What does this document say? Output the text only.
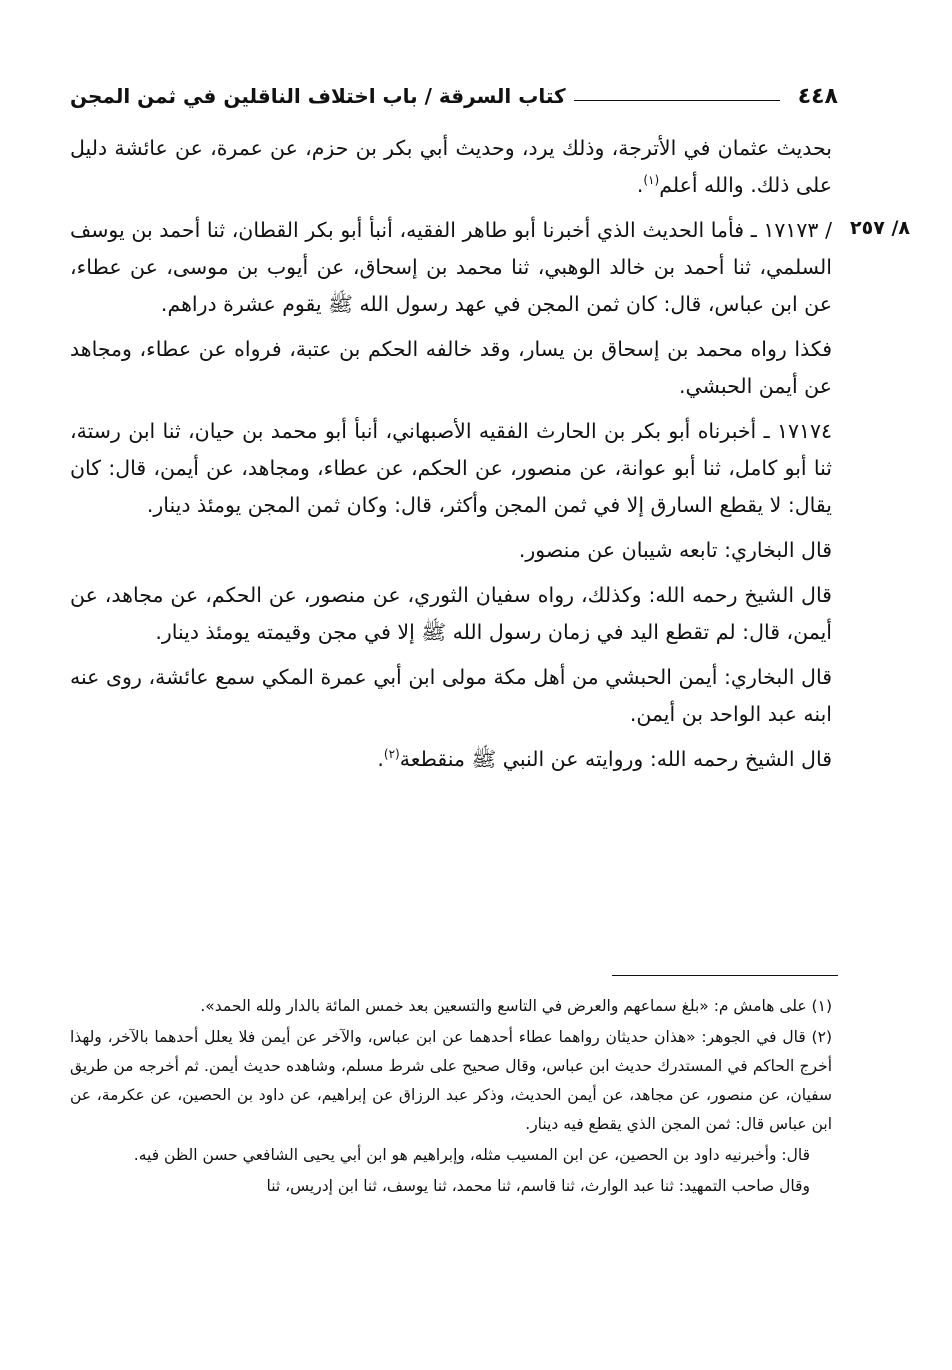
٤٤٨
كتاب السرقة / باب اختلاف الناقلين في ثمن المجن
٨/ ٢٥٧

بحديث عثمان في الأترجة، وذلك يرد، وحديث أبي بكر بن حزم، عن عمرة، عن عائشة دليل على ذلك. والله أعلم$^{(١)}$.

/ ١٧١٧٣ ـ فأما الحديث الذي أخبرنا أبو طاهر الفقيه، أنبأ أبو بكر القطان، ثنا أحمد بن يوسف السلمي، ثنا أحمد بن خالد الوهبي، ثنا محمد بن إسحاق، عن أيوب بن موسى، عن عطاء، عن ابن عباس، قال: كان ثمن المجن في عهد رسول الله ﷺ يقوم عشرة دراهم.

فكذا رواه محمد بن إسحاق بن يسار، وقد خالفه الحكم بن عتبة، فرواه عن عطاء، ومجاهد عن أيمن الحبشي.

١٧١٧٤ ـ أخبرناه أبو بكر بن الحارث الفقيه الأصبهاني، أنبأ أبو محمد بن حيان، ثنا ابن رستة، ثنا أبو كامل، ثنا أبو عوانة، عن منصور، عن الحكم، عن عطاء، ومجاهد، عن أيمن، قال: كان يقال: لا يقطع السارق إلا في ثمن المجن وأكثر، قال: وكان ثمن المجن يومئذ دينار.

قال البخاري: تابعه شيبان عن منصور.

قال الشيخ رحمه الله: وكذلك، رواه سفيان الثوري، عن منصور، عن الحكم، عن مجاهد، عن أيمن، قال: لم تقطع اليد في زمان رسول الله ﷺ إلا في مجن وقيمته يومئذ دينار.

قال البخاري: أيمن الحبشي من أهل مكة مولى ابن أبي عمرة المكي سمع عائشة، روى عنه ابنه عبد الواحد بن أيمن.

قال الشيخ رحمه الله: وروايته عن النبي ﷺ منقطعة$^{(٢)}$.

(١) على هامش م: «بلغ سماعهم والعرض في التاسع والتسعين بعد خمس المائة بالدار ولله الحمد».

(٢) قال في الجوهر: «هذان حديثان رواهما عطاء أحدهما عن ابن عباس، والآخر عن أيمن فلا يعلل أحدهما بالآخر، ولهذا أخرج الحاكم في المستدرك حديث ابن عباس، وقال صحيح على شرط مسلم، وشاهده حديث أيمن. ثم أخرجه من طريق سفيان، عن منصور، عن مجاهد، عن أيمن الحديث، وذكر عبد الرزاق عن إبراهيم، عن داود بن الحصين، عن عكرمة، عن ابن عباس قال: ثمن المجن الذي يقطع فيه دينار.

قال: وأخبرنيه داود بن الحصين، عن ابن المسيب مثله، وإبراهيم هو ابن أبي يحيى الشافعي حسن الظن فيه.

وقال صاحب التمهيد: ثنا عبد الوارث، ثنا قاسم، ثنا محمد، ثنا يوسف، ثنا ابن إدريس، ثنا
